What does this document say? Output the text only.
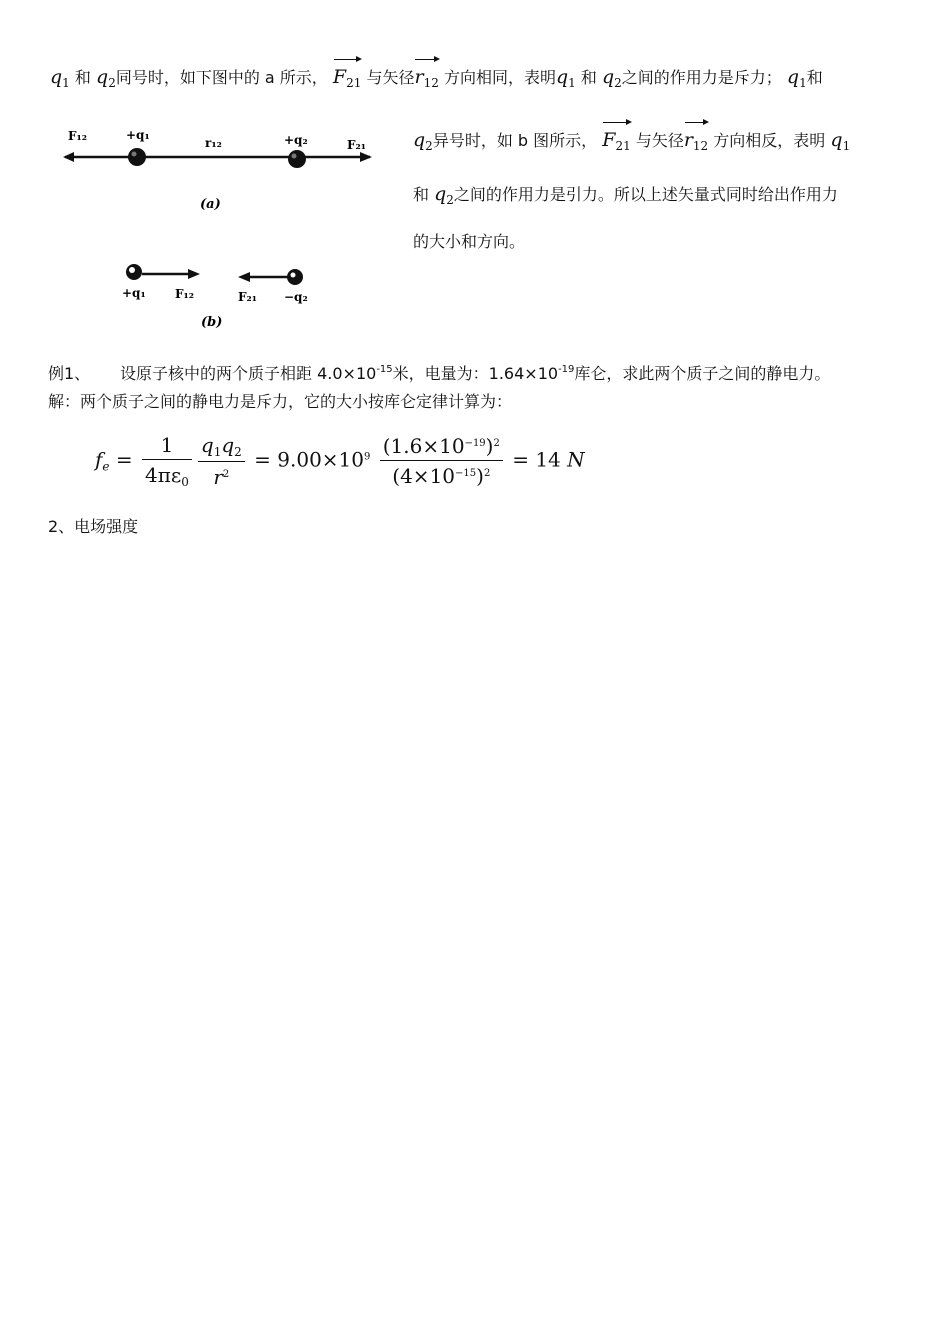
$q_1$ 和 $q_2$同号时，如下图中的 a 所示， $F_{21}$ 与矢径$r_{12}$ 方向相同，表明$q_1$ 和 $q_2$之间的作用力是斥力； $q_1$和
F₁₂	+q₁
r₁₂	+q₂	F₂₁
(a)
+q₁ F₁₂	F₂₁ −q₂
(b)
$q_2$异号时，如 b 图所示， $F_{21}$ 与矢径$r_{12}$ 方向相反，表明 $q_1$
和 $q_2$之间的作用力是引力。所以上述矢量式同时给出作用力
的大小和方向。
例1、 设原子核中的两个质子相距 $4.0\times 10^{-15}$米，电量为：$1.64\times 10^{-19}$库仑，求此两个质子之间的静电力。
解：两个质子之间的静电力是斥力，它的大小按库仑定律计算为：
$f_e = \frac{1}{4\pi\varepsilon_0} \frac{q_1q_2}{r^2} = 9.00\times 10^9 \frac{(1.6\times 10^{-19})^2}{(4\times 10^{-15})^2} = 14$ N
2、电场强度
